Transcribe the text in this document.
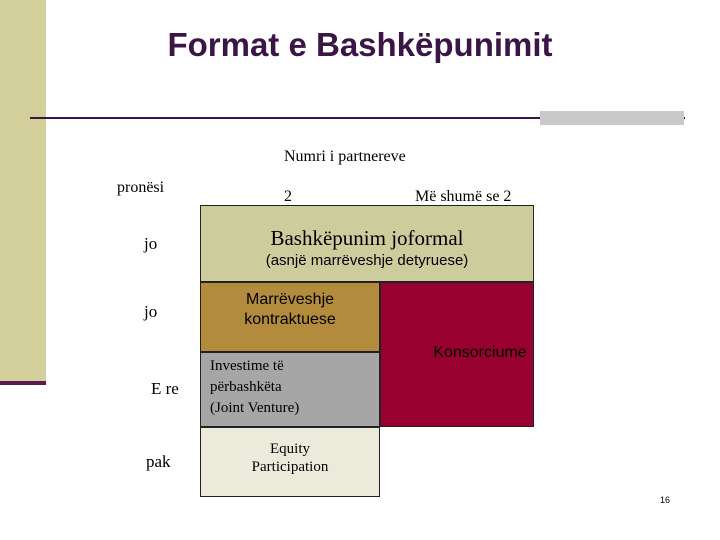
Format e Bashkëpunimit
Numri i partnereve
pronësi
2	Më shumë se 2
jo
jo
E re
pak
Bashkëpunim joformal
(asnjë marrëveshje detyruese)
Marrëveshje
kontraktuese
Konsorciume
Investime të
përbashkëta
(Joint Venture)
Equity
Participation
16
